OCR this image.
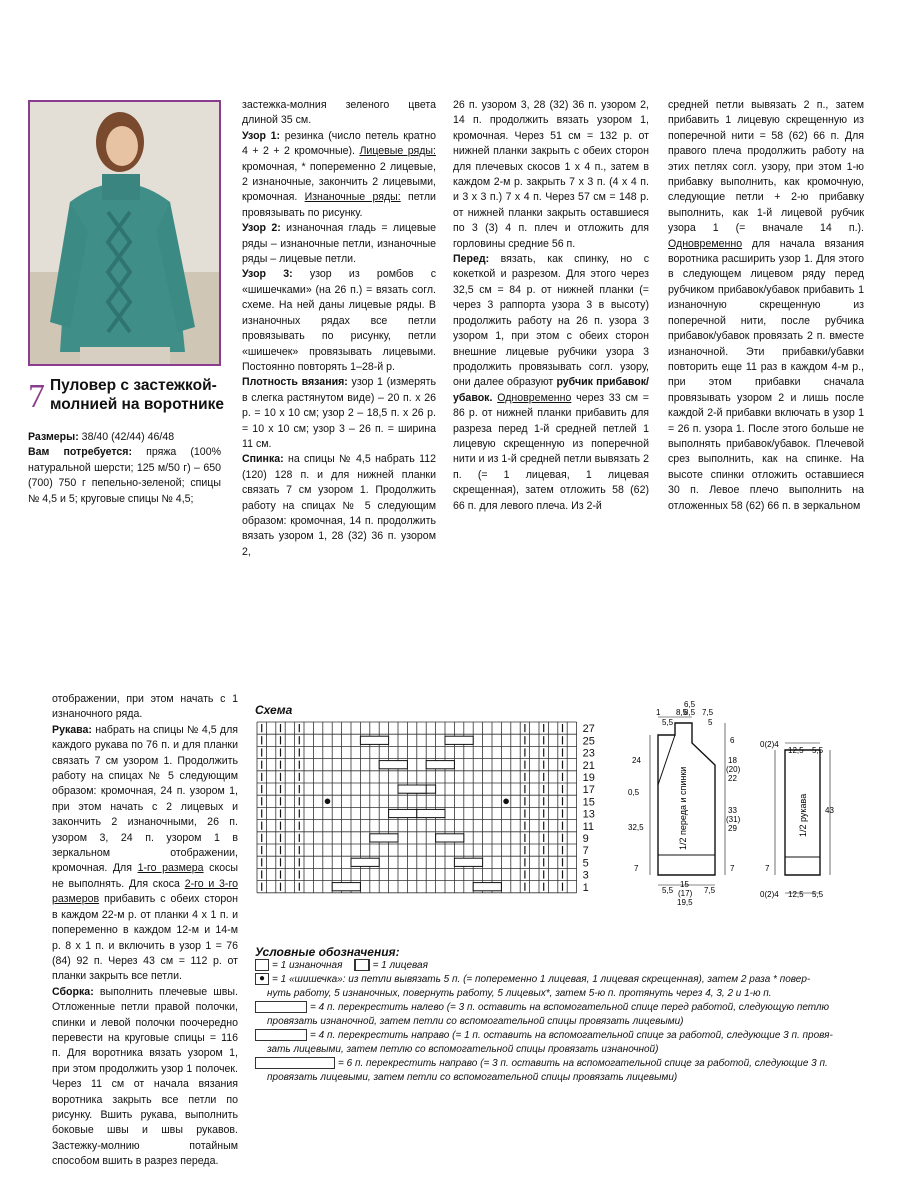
7 Пуловер с застежкой-молнией на воротнике

Размеры: 38/40 (42/44) 46/48

Вам потребуется: пряжа (100% натуральной шерсти; 125 м/50 г) – 650 (700) 750 г пепельно-зеленой; спицы № 4,5 и 5; круговые спицы № 4,5;

застежка-молния зеленого цвета длиной 35 см.

Узор 1: резинка (число петель кратно 4 + 2 + 2 кромочные). Лицевые ряды: кромочная, * попеременно 2 лицевые, 2 изнаночные, закончить 2 лицевыми, кромочная. Изнаночные ряды: петли провязывать по рисунку.

Узор 2: изнаночная гладь = лицевые ряды – изнаночные петли, изнаночные ряды – лицевые петли.

Узор 3: узор из ромбов с «шишечками» (на 26 п.) = вязать согл. схеме. На ней даны лицевые ряды. В изнаночных рядах все петли провязывать по рисунку, петли «шишечек» провязывать лицевыми. Постоянно повторять 1–28-й р.

Плотность вязания: узор 1 (измерять в слегка растянутом виде) – 20 п. х 26 р. = 10 х 10 см; узор 2 – 18,5 п. х 26 р. = 10 х 10 см; узор 3 – 26 п. = ширина 11 см.

Спинка: на спицы № 4,5 набрать 112 (120) 128 п. и для нижней планки связать 7 см узором 1. Продолжить работу на спицах № 5 следующим образом: кромочная, 14 п. продолжить вязать узором 1, 28 (32) 36 п. узором 2,

26 п. узором 3, 28 (32) 36 п. узором 2, 14 п. продолжить вязать узором 1, кромочная. Через 51 см = 132 р. от нижней планки закрыть с обеих сторон для плечевых скосов 1 х 4 п., затем в каждом 2-м р. закрыть 7 х 3 п. (4 х 4 п. и 3 х 3 п.) 7 х 4 п. Через 57 см = 148 р. от нижней планки закрыть оставшиеся по 3 (3) 4 п. плеч и отложить для горловины средние 56 п.

Перед: вязать, как спинку, но с кокеткой и разрезом. Для этого через 32,5 см = 84 р. от нижней планки (= через 3 раппорта узора 3 в высоту) продолжить работу на 26 п. узора 3 узором 1, при этом с обеих сторон внешние лицевые рубчики узора 3 продолжить провязывать согл. узору, они далее образуют рубчик прибавок/убавок. Одновременно через 33 см = 86 р. от нижней планки прибавить для разреза перед 1-й средней петлей 1 лицевую скрещенную из поперечной нити и из 1-й средней петли вывязать 2 п. (= 1 лицевая, 1 лицевая скрещенная), затем отложить 58 (62) 66 п. для левого плеча. Из 2-й

средней петли вывязать 2 п., затем прибавить 1 лицевую скрещенную из поперечной нити = 58 (62) 66 п. Для правого плеча продолжить работу на этих петлях согл. узору, при этом 1-ю прибавку выполнить, как кромочную, следующие петли + 2-ю прибавку выполнить, как 1-й лицевой рубчик узора 1 (= вначале 14 п.). Одновременно для начала вязания воротника расширить узор 1. Для этого в следующем лицевом ряду перед рубчиком прибавок/убавок прибавить 1 изнаночную скрещенную из поперечной нити, после рубчика прибавок/убавок провязать 2 п. вместе изнаночной. Эти прибавки/убавки повторить еще 11 раз в каждом 4-м р., при этом прибавки сначала провязывать узором 2 и лишь после каждой 2-й прибавки включать в узор 1 = 26 п. узора 1. После этого больше не выполнять прибавок/убавок. Плечевой срез выполнить, как на спинке. На высоте спинки отложить оставшиеся 30 п. Левое плечо выполнить на отложенных 58 (62) 66 п. в зеркальном

отображении, при этом начать с 1 изнаночного ряда.

Рукава: набрать на спицы № 4,5 для каждого рукава по 76 п. и для планки связать 7 см узором 1. Продолжить работу на спицах № 5 следующим образом: кромочная, 24 п. узором 1, при этом начать с 2 лицевых и закончить 2 изнаночными, 26 п. узором 3, 24 п. узором 1 в зеркальном отображении, кромочная. Для 1-го размера скосы не выполнять. Для скоса 2-го и 3-го размеров прибавить с обеих сторон в каждом 22-м р. от планки 4 х 1 п. и попеременно в каждом 12-м и 14-м р. 8 х 1 п. и включить в узор 1 = 76 (84) 92 п. Через 43 см = 112 р. от планки закрыть все петли.

Сборка: выполнить плечевые швы. Отложенные петли правой полочки, спинки и левой полочки поочередно перевести на круговые спицы = 116 п. Для воротника вязать узором 1, при этом продолжить узор 1 полочек. Через 11 см от начала вязания воротника закрыть все петли по рисунку. Вшить рукава, выполнить боковые швы и швы рукавов. Застежку-молнию потайным способом вшить в разрез переда.

Схема
27
25
23
21
19
17
15
13
11
9
7
5
3
1
1
5,5
8,5
6,5
8,5 7,5
5
24
0,5
32,5
7
15
(17)
19,5
6
18
(20)
22
33
(31)
29
7
5,5	7,5
0(2)4
12,5 5,5
43
7
0(2)4 12,5 5,5
1/2 переда и спинки	1/2 рукава
Условные обозначения:

= 1 изнаночная	= 1 лицевая

● = 1 «шишечка»: из петли вывязать 5 п. (= попеременно 1 лицевая, 1 лицевая скрещенная), затем 2 раза * повер-

нуть работу, 5 изнаночных, повернуть работу, 5 лицевых*, затем 5-ю п. протянуть через 4, 3, 2 и 1-ю п.

= 4 п. перекрестить налево (= 3 п. оставить на вспомогательной спице перед работой, следующую петлю

провязать изнаночной, затем петли со вспомогательной спицы провязать лицевыми)

= 4 п. перекрестить направо (= 1 п. оставить на вспомогательной спице за работой, следующие 3 п. провя-

зать лицевыми, затем петлю со вспомогательной спицы провязать изнаночной)

= 6 п. перекрестить направо (= 3 п. оставить на вспомогательной спице за работой, следующие 3 п.

провязать лицевыми, затем петли со вспомогательной спицы провязать лицевыми)
